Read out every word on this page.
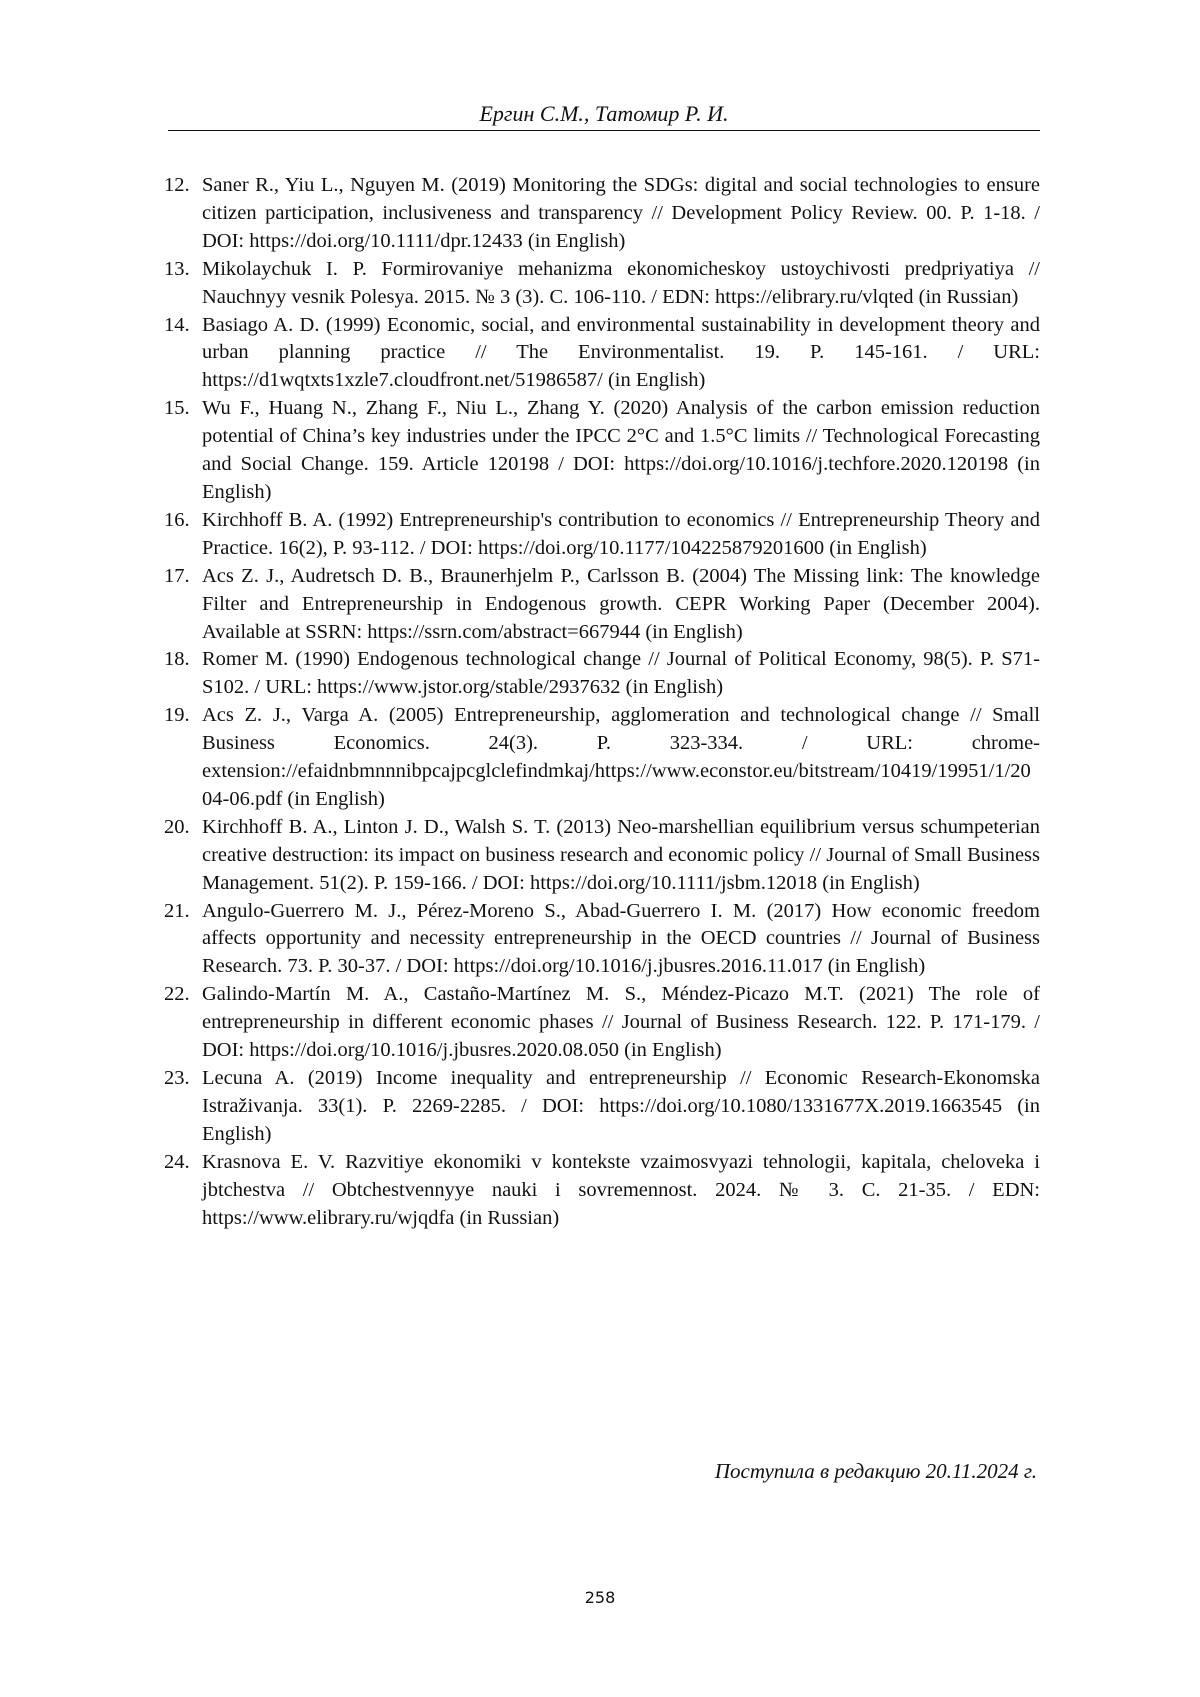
Ергин С.М., Татомир Р. И.
12. Saner R., Yiu L., Nguyen M. (2019) Monitoring the SDGs: digital and social technologies to ensure citizen participation, inclusiveness and transparency // Development Policy Review. 00. P. 1-18. / DOI: https://doi.org/10.1111/dpr.12433 (in English)
13. Mikolaychuk I. P. Formirovaniye mehanizma ekonomicheskoy ustoychivosti predpriyatiya // Nauchnyy vesnik Polesya. 2015. № 3 (3). C. 106-110. / EDN: https://elibrary.ru/vlqted (in Russian)
14. Basiago A. D. (1999) Economic, social, and environmental sustainability in development theory and urban planning practice // The Environmentalist. 19. P. 145-161. / URL: https://d1wqtxts1xzle7.cloudfront.net/51986587/ (in English)
15. Wu F., Huang N., Zhang F., Niu L., Zhang Y. (2020) Analysis of the carbon emission reduction potential of China’s key industries under the IPCC 2°C and 1.5°C limits // Technological Forecasting and Social Change. 159. Article 120198 / DOI: https://doi.org/10.1016/j.techfore.2020.120198 (in English)
16. Kirchhoff B. A. (1992) Entrepreneurship's contribution to economics // Entrepreneurship Theory and Practice. 16(2), P. 93-112. / DOI: https://doi.org/10.1177/104225879201600 (in English)
17. Acs Z. J., Audretsch D. B., Braunerhjelm P., Carlsson B. (2004) The Missing link: The knowledge Filter and Entrepreneurship in Endogenous growth. CEPR Working Paper (December 2004). Available at SSRN: https://ssrn.com/abstract=667944 (in English)
18. Romer M. (1990) Endogenous technological change // Journal of Political Economy, 98(5). P. S71-S102. / URL: https://www.jstor.org/stable/2937632 (in English)
19. Acs Z. J., Varga A. (2005) Entrepreneurship, agglomeration and technological change // Small Business Economics. 24(3). P. 323-334. / URL: chrome-extension://efaidnbmnnnibpcajpcglclefindmkaj/https://www.econstor.eu/bitstream/10419/19951/1/2004-06.pdf (in English)
20. Kirchhoff B. A., Linton J. D., Walsh S. T. (2013) Neo-marshellian equilibrium versus schumpeterian creative destruction: its impact on business research and economic policy // Journal of Small Business Management. 51(2). P. 159-166. / DOI: https://doi.org/10.1111/jsbm.12018 (in English)
21. Angulo-Guerrero M. J., Pérez-Moreno S., Abad-Guerrero I. M. (2017) How economic freedom affects opportunity and necessity entrepreneurship in the OECD countries // Journal of Business Research. 73. P. 30-37. / DOI: https://doi.org/10.1016/j.jbusres.2016.11.017 (in English)
22. Galindo-Martín M. A., Castaño-Martínez M. S., Méndez-Picazo M.T. (2021) The role of entrepreneurship in different economic phases // Journal of Business Research. 122. P. 171-179. / DOI: https://doi.org/10.1016/j.jbusres.2020.08.050 (in English)
23. Lecuna A. (2019) Income inequality and entrepreneurship // Economic Research-Ekonomska Istraživanja. 33(1). P. 2269-2285. / DOI: https://doi.org/10.1080/1331677X.2019.1663545 (in English)
24. Krasnova E. V. Razvitiye ekonomiki v kontekste vzaimosvyazi tehnologii, kapitala, cheloveka i jbtchestva // Obtchestvennyye nauki i sovremennost. 2024. № 3. C. 21-35. / EDN: https://www.elibrary.ru/wjqdfa (in Russian)
Поступила в редакцию 20.11.2024 г.
258
